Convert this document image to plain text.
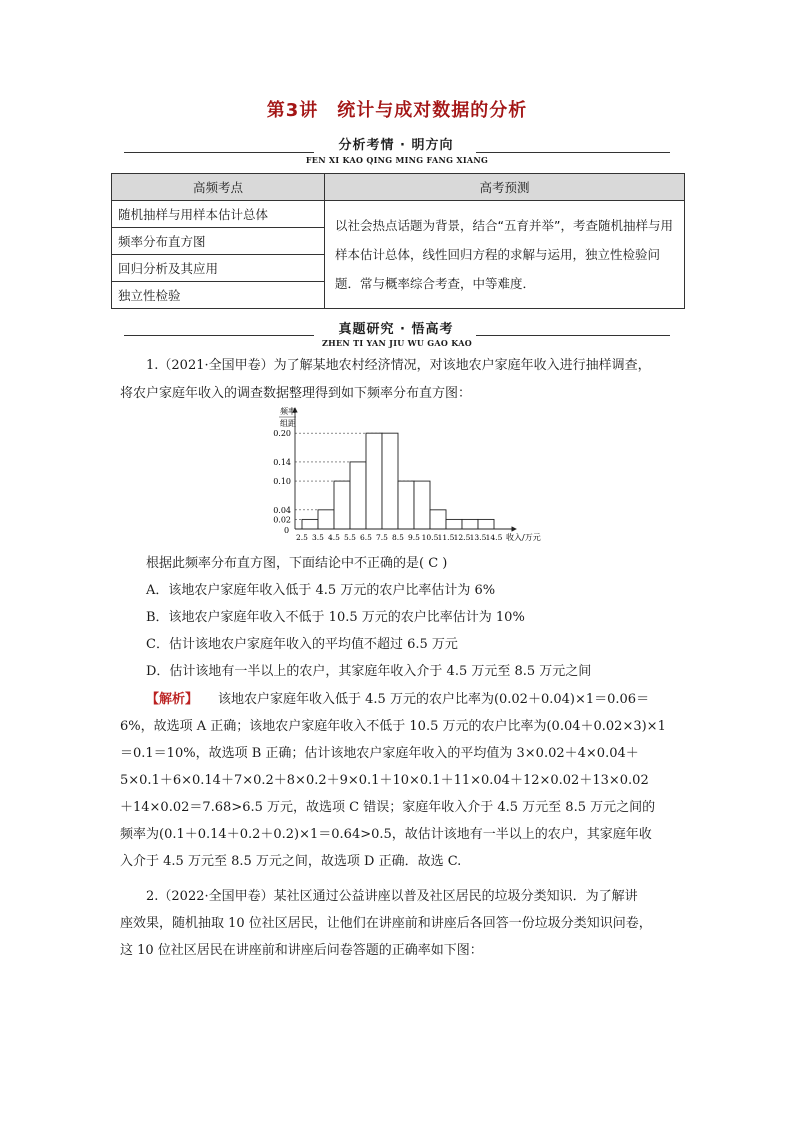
第3讲　统计与成对数据的分析
分析考情 · 明方向
FEN XI KAO QING MING FANG XIANG
高频考点	高考预测
随机抽样与用样本估计总体	以社会热点话题为背景，结合“五育并举”，考查随机抽样与用样本估计总体，线性回归方程的求解与运用，独立性检验问题．常与概率综合考查，中等难度．
频率分布直方图	
回归分析及其应用	
独立性检验	
真题研究 · 悟高考
ZHEN TI YAN JIU WU GAO KAO
1.（2021·全国甲卷）为了解某地农村经济情况，对该地农户家庭年收入进行抽样调查，
将农户家庭年收入的调查数据整理得到如下频率分布直方图：
0.20
0.14
0.10
0.04
0.02
2.5 3.5 4.5 5.5 6.5 7.5 8.5 9.5 10.5 11.5 12.5 13.5 14.5
频率
组距
0
收入/万元
根据此频率分布直方图，下面结论中不正确的是( C )
A．该地农户家庭年收入低于 4.5 万元的农户比率估计为 6%
B．该地农户家庭年收入不低于 10.5 万元的农户比率估计为 10%
C．估计该地农户家庭年收入的平均值不超过 6.5 万元
D．估计该地有一半以上的农户，其家庭年收入介于 4.5 万元至 8.5 万元之间
【解析】 该地农户家庭年收入低于 4.5 万元的农户比率为(0.02＋0.04)×1＝0.06＝
6%，故选项 A 正确；该地农户家庭年收入不低于 10.5 万元的农户比率为(0.04＋0.02×3)×1
＝0.1＝10%，故选项 B 正确；估计该地农户家庭年收入的平均值为 3×0.02＋4×0.04＋
5×0.1＋6×0.14＋7×0.2＋8×0.2＋9×0.1＋10×0.1＋11×0.04＋12×0.02＋13×0.02
＋14×0.02＝7.68>6.5 万元，故选项 C 错误；家庭年收入介于 4.5 万元至 8.5 万元之间的
频率为(0.1＋0.14＋0.2＋0.2)×1＝0.64>0.5，故估计该地有一半以上的农户，其家庭年收
入介于 4.5 万元至 8.5 万元之间，故选项 D 正确．故选 C.
2.（2022·全国甲卷）某社区通过公益讲座以普及社区居民的垃圾分类知识．为了解讲
座效果，随机抽取 10 位社区居民，让他们在讲座前和讲座后各回答一份垃圾分类知识问卷，
这 10 位社区居民在讲座前和讲座后问卷答题的正确率如下图：
